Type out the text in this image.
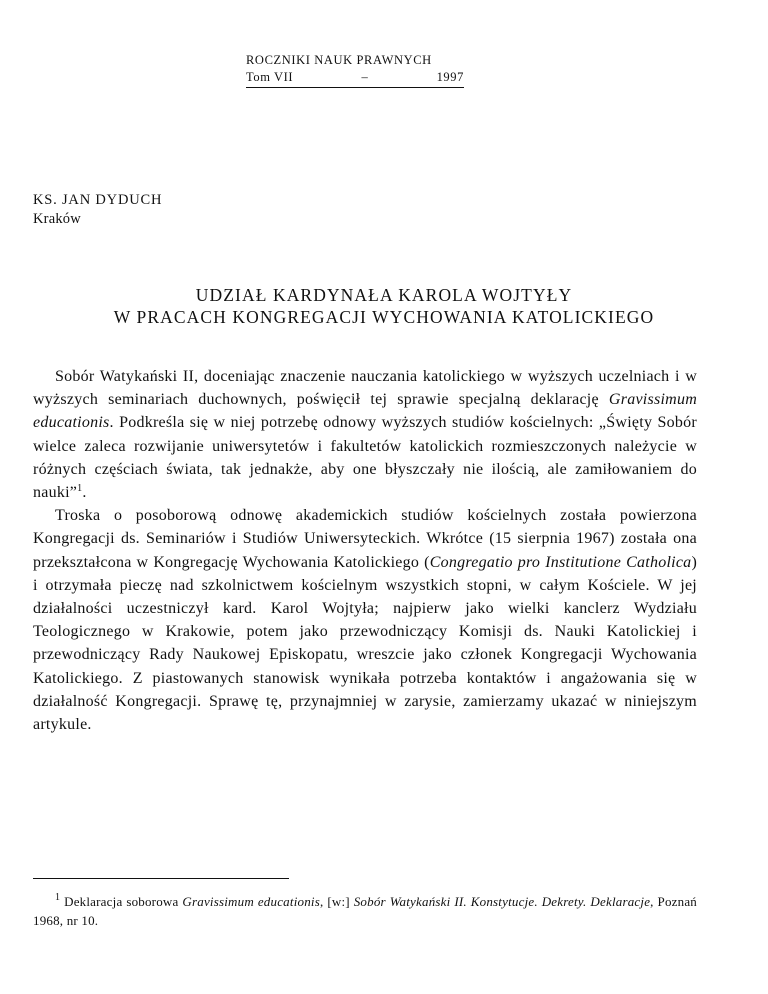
ROCZNIKI NAUK PRAWNYCH
Tom VII	–	1997
KS. JAN DYDUCH
Kraków
UDZIAŁ KARDYNAŁA KAROLA WOJTYŁY
W PRACACH KONGREGACJI WYCHOWANIA KATOLICKIEGO

Sobór Watykański II, doceniając znaczenie nauczania katolickiego w wyższych uczelniach i w wyższych seminariach duchownych, poświęcił tej sprawie specjalną deklarację Gravissimum educationis. Podkreśla się w niej potrzebę odnowy wyższych studiów kościelnych: „Święty Sobór wielce zaleca rozwijanie uniwersytetów i fakultetów katolickich rozmieszczonych należycie w różnych częściach świata, tak jednakże, aby one błyszczały nie ilością, ale zamiłowaniem do nauki”$^1$.

Troska o posoborową odnowę akademickich studiów kościelnych została powierzona Kongregacji ds. Seminariów i Studiów Uniwersyteckich. Wkrótce (15 sierpnia 1967) została ona przekształcona w Kongregację Wychowania Katolickiego (Congregatio pro Institutione Catholica) i otrzymała pieczę nad szkolnictwem kościelnym wszystkich stopni, w całym Kościele. W jej działalności uczestniczył kard. Karol Wojtyła; najpierw jako wielki kanclerz Wydziału Teologicznego w Krakowie, potem jako przewodniczący Komisji ds. Nauki Katolickiej i przewodniczący Rady Naukowej Episkopatu, wreszcie jako członek Kongregacji Wychowania Katolickiego. Z piastowanych stanowisk wynikała potrzeba kontaktów i angażowania się w działalność Kongregacji. Sprawę tę, przynajmniej w zarysie, zamierzamy ukazać w niniejszym artykule.

$^1$ Deklaracja soborowa Gravissimum educationis, [w:] Sobór Watykański II. Konstytucje. Dekrety. Deklaracje, Poznań 1968, nr 10.
